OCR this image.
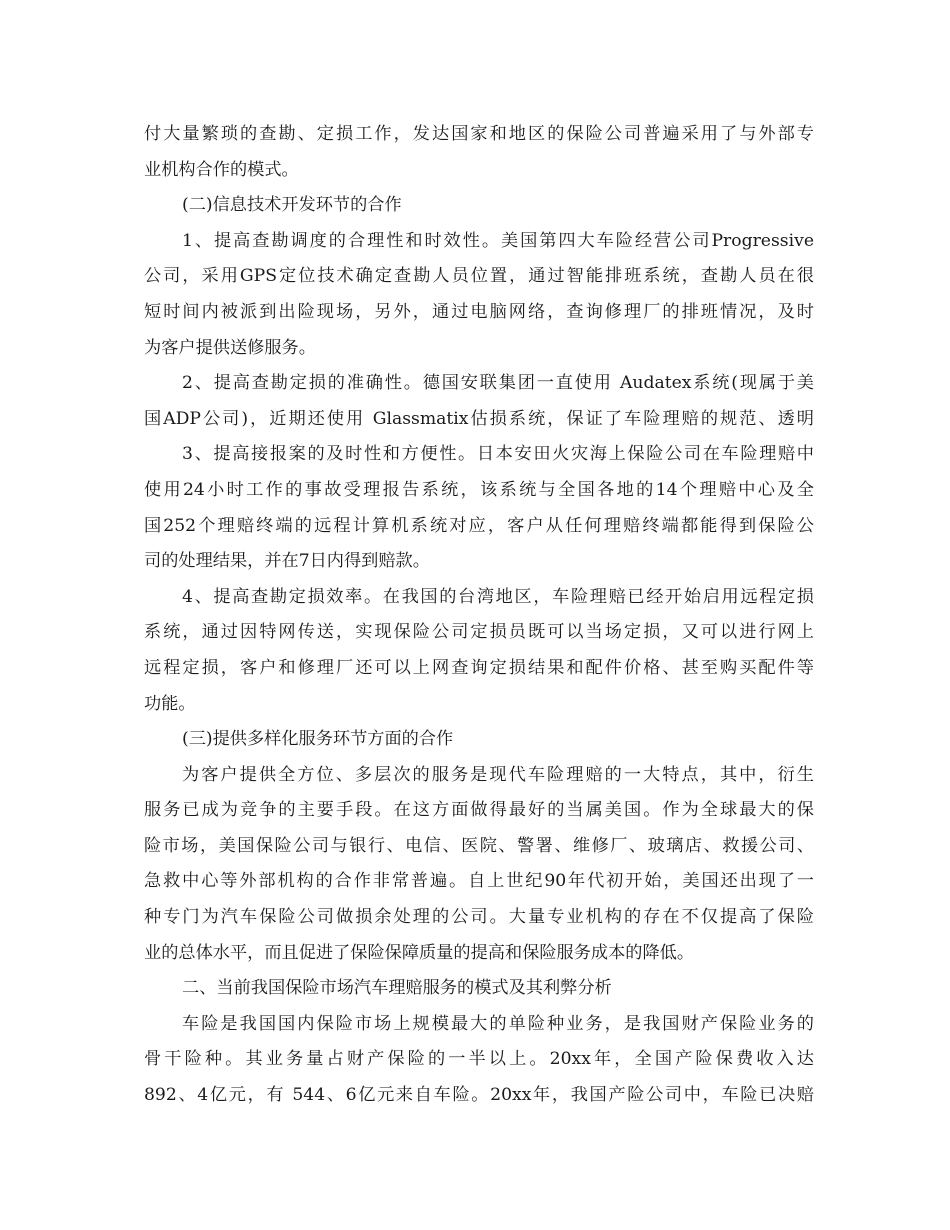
付大量繁琐的查勘、定损工作，发达国家和地区的保险公司普遍采用了与外部专
业机构合作的模式。
(二)信息技术开发环节的合作
1、提高查勘调度的合理性和时效性。美国第四大车险经营公司Progressive
公司，采用GPS定位技术确定查勘人员位置，通过智能排班系统，查勘人员在很
短时间内被派到出险现场，另外，通过电脑网络，查询修理厂的排班情况，及时
为客户提供送修服务。
2、提高查勘定损的准确性。德国安联集团一直使用 Audatex系统(现属于美
国ADP公司)，近期还使用 Glassmatix估损系统，保证了车险理赔的规范、透明
3、提高接报案的及时性和方便性。日本安田火灾海上保险公司在车险理赔中
使用24小时工作的事故受理报告系统，该系统与全国各地的14个理赔中心及全
国252个理赔终端的远程计算机系统对应，客户从任何理赔终端都能得到保险公
司的处理结果，并在7日内得到赔款。
4、提高查勘定损效率。在我国的台湾地区，车险理赔已经开始启用远程定损
系统，通过因特网传送，实现保险公司定损员既可以当场定损，又可以进行网上
远程定损，客户和修理厂还可以上网查询定损结果和配件价格、甚至购买配件等
功能。
(三)提供多样化服务环节方面的合作
为客户提供全方位、多层次的服务是现代车险理赔的一大特点，其中，衍生
服务已成为竞争的主要手段。在这方面做得最好的当属美国。作为全球最大的保
险市场，美国保险公司与银行、电信、医院、警署、维修厂、玻璃店、救援公司、
急救中心等外部机构的合作非常普遍。自上世纪90年代初开始，美国还出现了一
种专门为汽车保险公司做损余处理的公司。大量专业机构的存在不仅提高了保险
业的总体水平，而且促进了保险保障质量的提高和保险服务成本的降低。
二、当前我国保险市场汽车理赔服务的模式及其利弊分析
车险是我国国内保险市场上规模最大的单险种业务，是我国财产保险业务的
骨干险种。其业务量占财产保险的一半以上。20xx年，全国产险保费收入达
892、4亿元，有 544、6亿元来自车险。20xx年，我国产险公司中，车险已决赔
